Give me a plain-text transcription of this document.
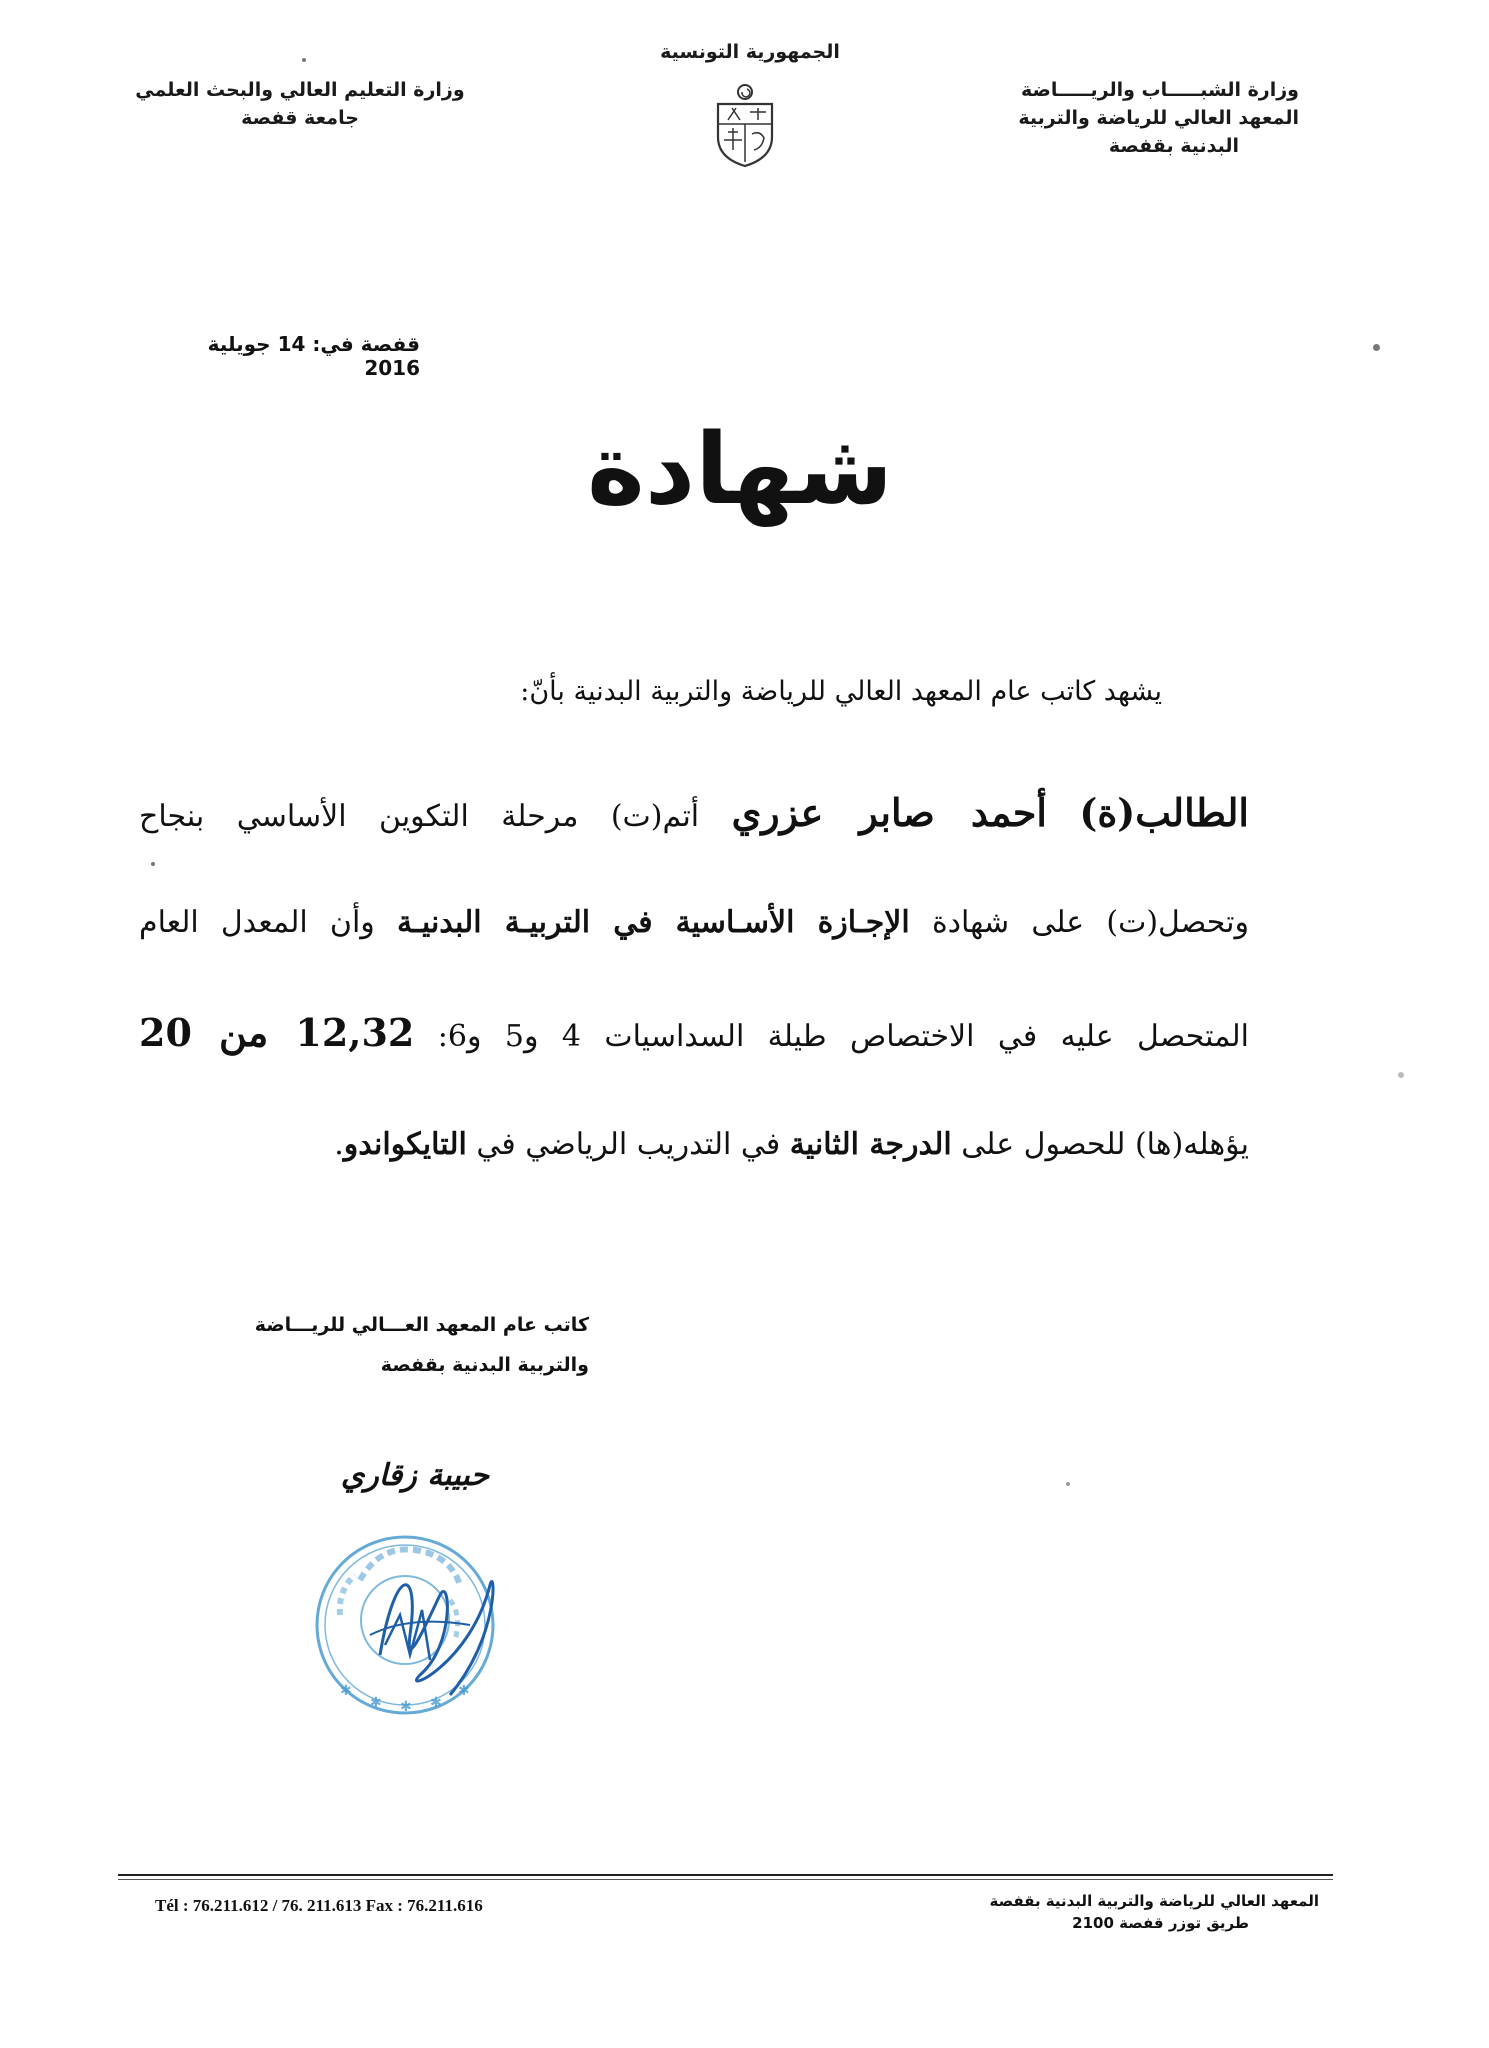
الجمهورية التونسية
وزارة الشبـــــاب والريـــــاضة
المعهد العالي للرياضة والتربية
البدنية بقفصة
وزارة التعليم العالي والبحث العلمي
جامعة قفصة
قفصة في: 14 جويلية 2016
شهادة
يشهد كاتب عام المعهد العالي للرياضة والتربية البدنية بأنّ:
الطالب(ة) أحمد صابر عزري أتم(ت) مرحلة التكوين الأساسي بنجاح
وتحصل(ت) على شهادة الإجـازة الأسـاسية في التربيـة البدنيـة وأن المعدل العام
المتحصل عليه في الاختصاص طيلة السداسيات 4 و5 و6: 12,32 من 20
يؤهله(ها) للحصول على الدرجة الثانية في التدريب الرياضي في التايكواندو.
كاتب عام المعهد العـــالي للريـــاضة
والتربية البدنية بقفصة
حبيبة زقاري
✱
✱ ✱ ✱
✱
Tél : 76.211.612 / 76. 211.613 Fax : 76.211.616	المعهد العالي للرياضة والتربية البدنية بقفصة
طريق توزر قفصة 2100
